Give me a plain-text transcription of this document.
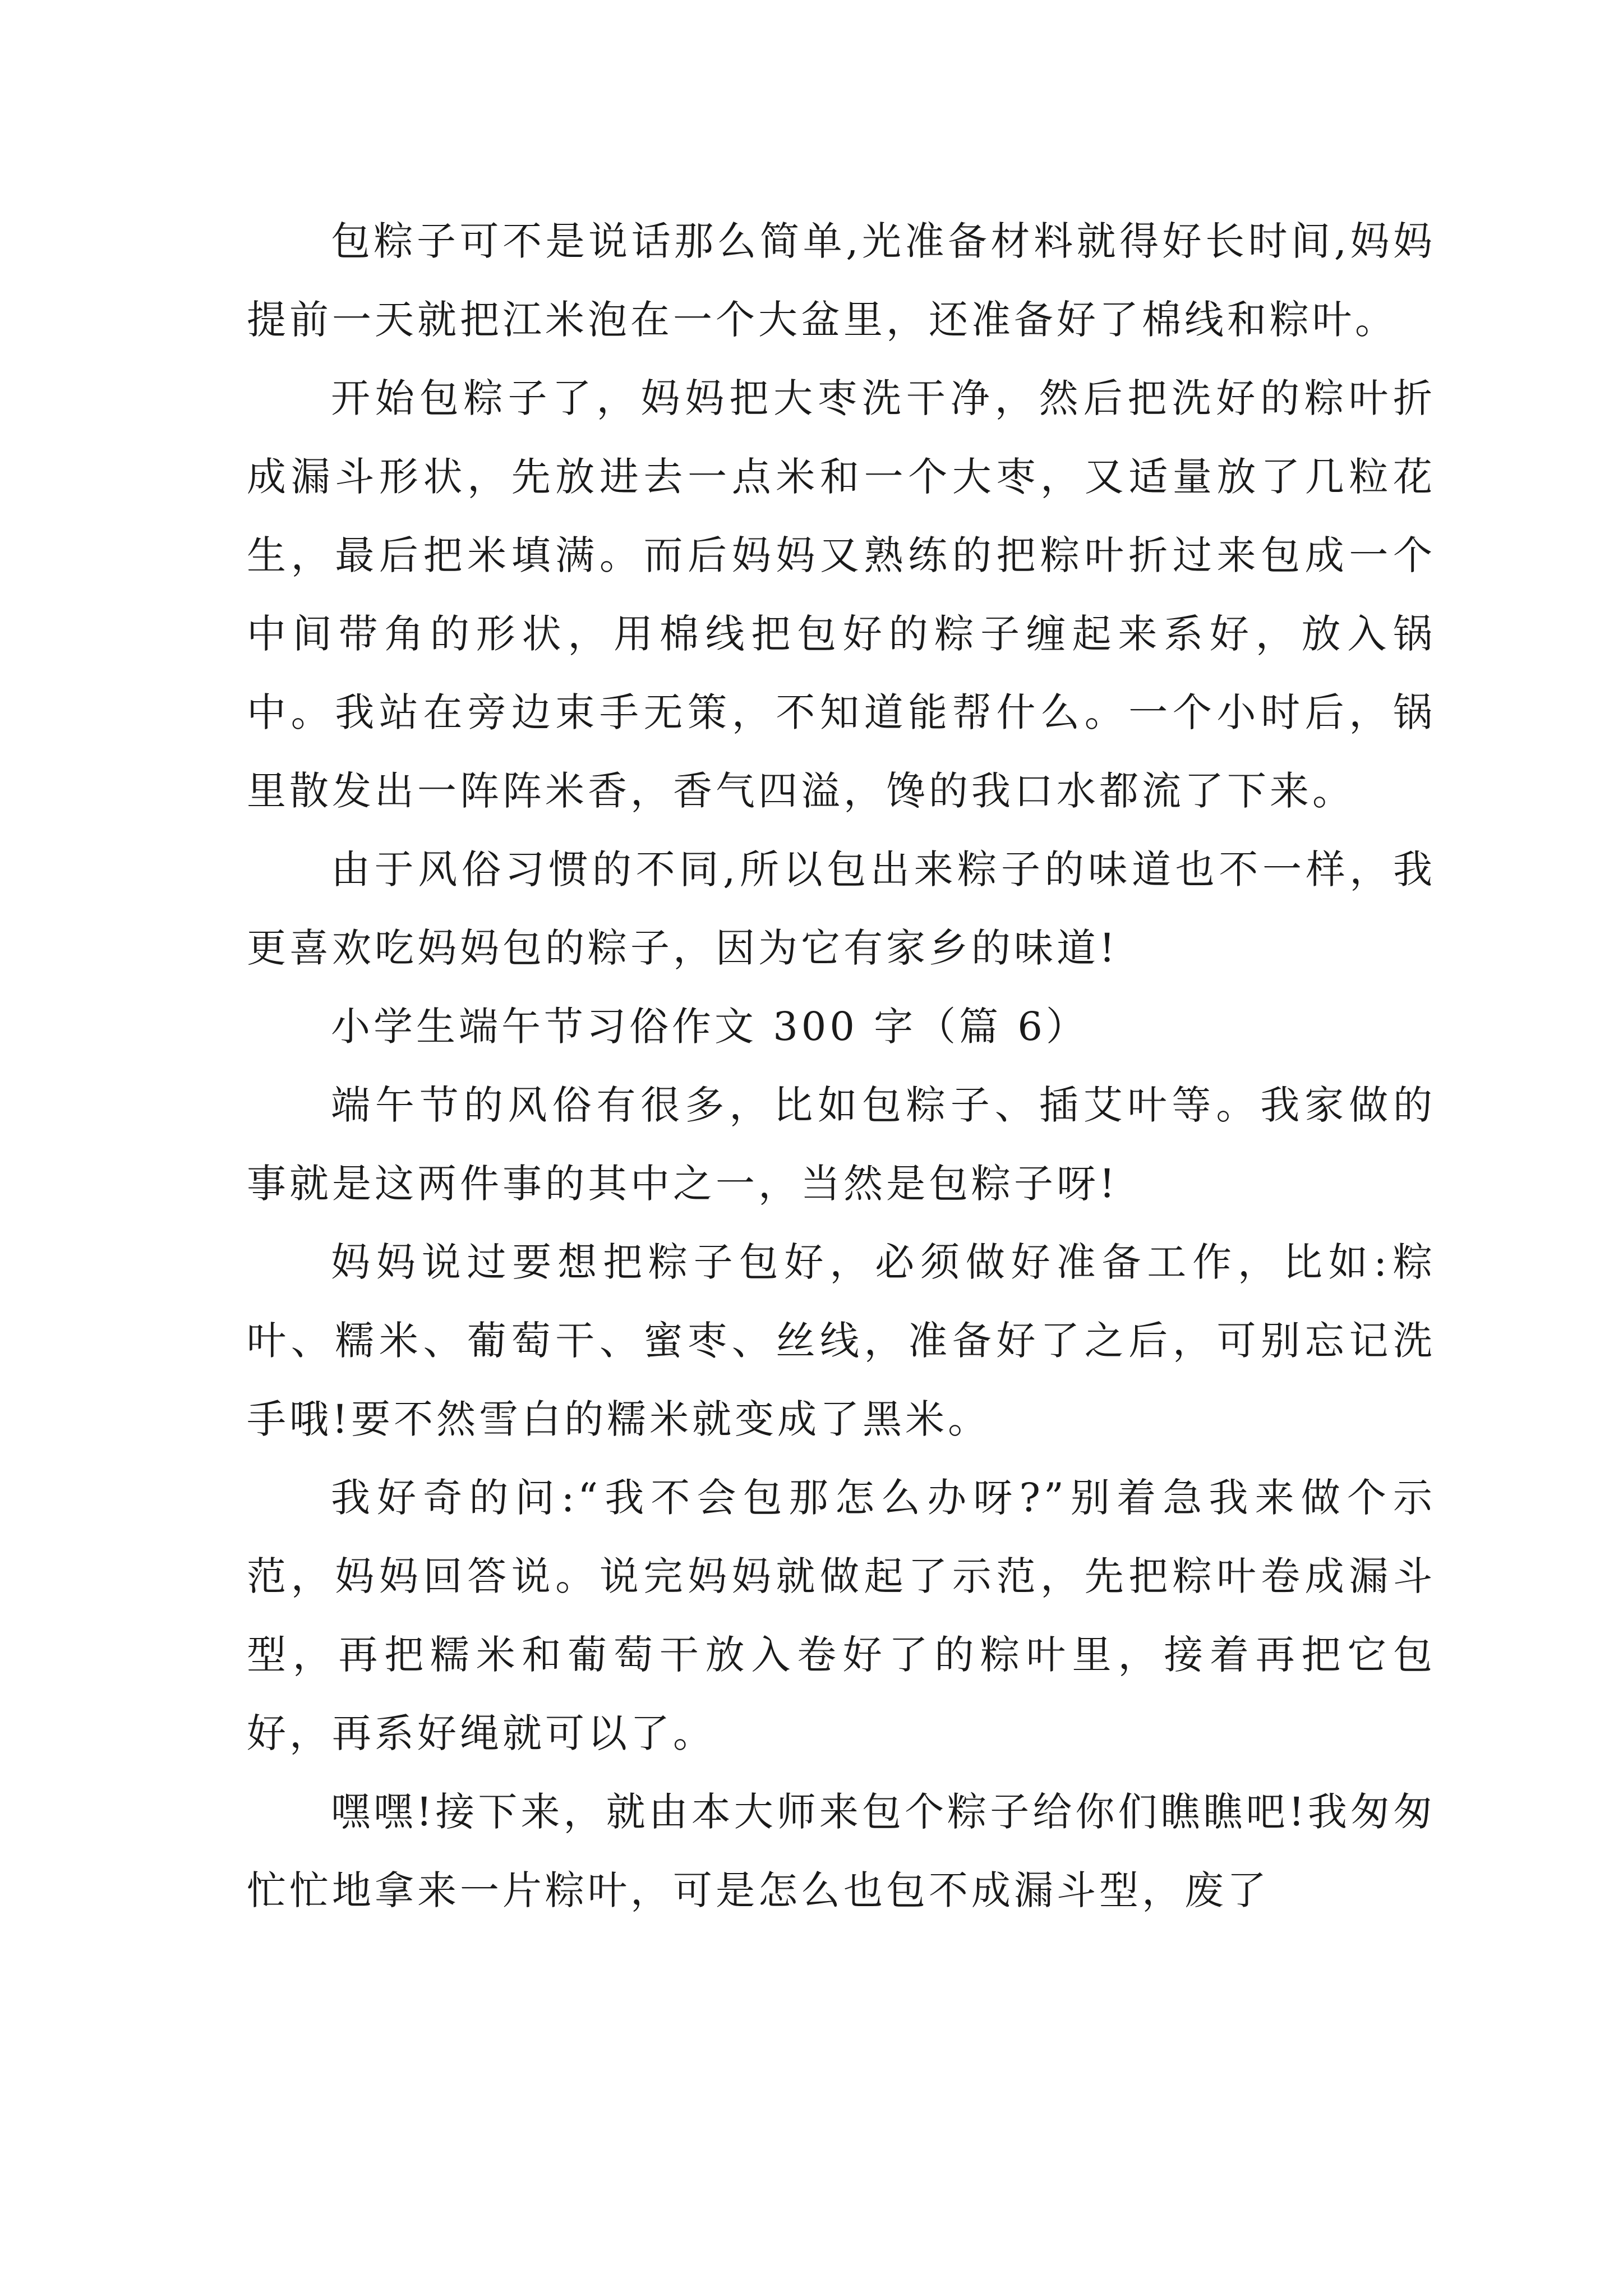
包粽子可不是说话那么简单,光准备材料就得好长时间,妈妈提前一天就把江米泡在一个大盆里，还准备好了棉线和粽叶。

开始包粽子了，妈妈把大枣洗干净，然后把洗好的粽叶折成漏斗形状，先放进去一点米和一个大枣，又适量放了几粒花生，最后把米填满。而后妈妈又熟练的把粽叶折过来包成一个中间带角的形状，用棉线把包好的粽子缠起来系好，放入锅中。我站在旁边束手无策，不知道能帮什么。一个小时后，锅里散发出一阵阵米香，香气四溢，馋的我口水都流了下来。

由于风俗习惯的不同,所以包出来粽子的味道也不一样，我更喜欢吃妈妈包的粽子，因为它有家乡的味道!

小学生端午节习俗作文 300 字（篇 6）

端午节的风俗有很多，比如包粽子、插艾叶等。我家做的事就是这两件事的其中之一，当然是包粽子呀!

妈妈说过要想把粽子包好，必须做好准备工作，比如:粽叶、糯米、葡萄干、蜜枣、丝线，准备好了之后，可别忘记洗手哦!要不然雪白的糯米就变成了黑米。

我好奇的问:“我不会包那怎么办呀?”别着急我来做个示范，妈妈回答说。说完妈妈就做起了示范，先把粽叶卷成漏斗型，再把糯米和葡萄干放入卷好了的粽叶里，接着再把它包好，再系好绳就可以了。

嘿嘿!接下来，就由本大师来包个粽子给你们瞧瞧吧!我匆匆忙忙地拿来一片粽叶，可是怎么也包不成漏斗型，废了
